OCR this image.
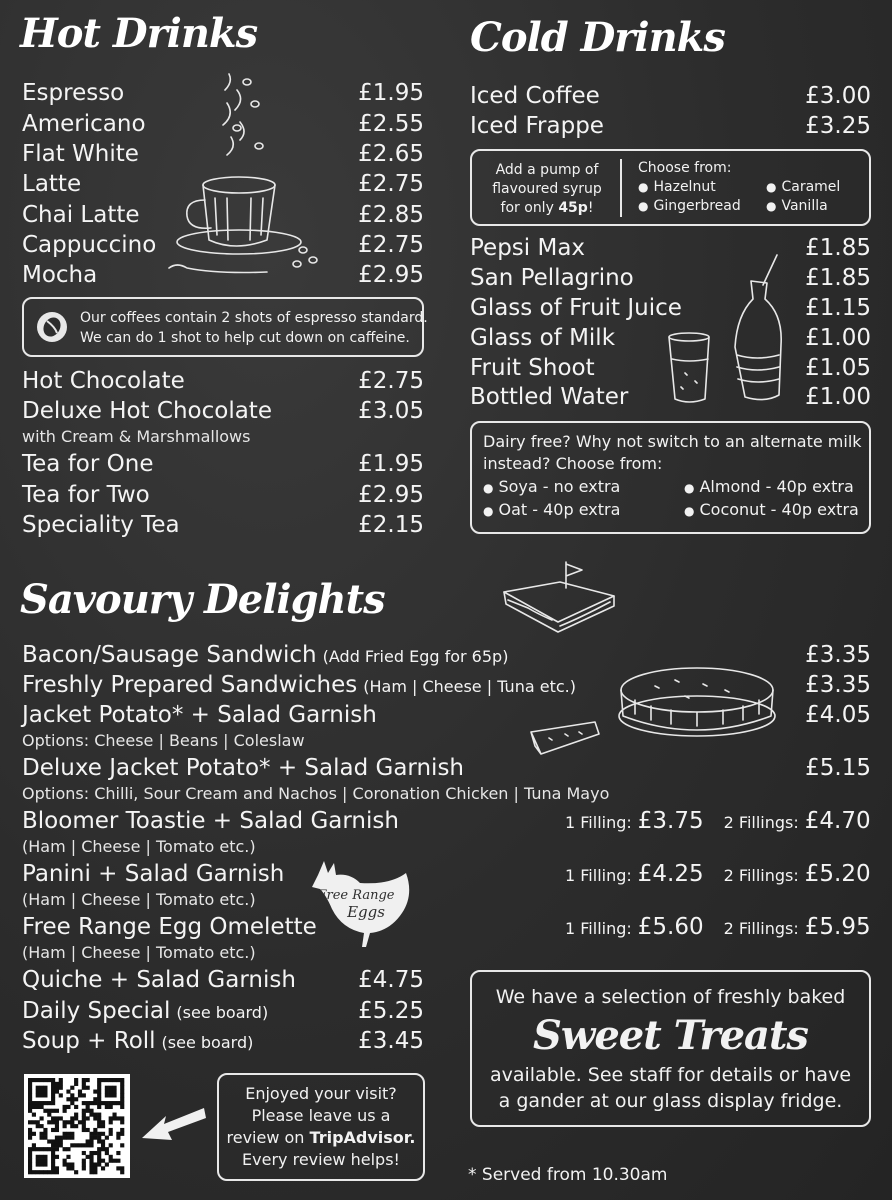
Hot Drinks
Espresso	£1.95
Americano	£2.55
Flat White	£2.65
Latte	£2.75
Chai Latte	£2.85
Cappuccino	£2.75
Mocha	£2.95
Our coffees contain 2 shots of espresso standard.
We can do 1 shot to help cut down on caffeine.
Hot Chocolate	£2.75
Deluxe Hot Chocolate	£3.05
with Cream & Marshmallows
Tea for One	£1.95
Tea for Two	£2.95
Speciality Tea	£2.15
Cold Drinks
Iced Coffee	£3.00
Iced Frappe	£3.25
Add a pump of
flavoured syrup
for only 45p!
Choose from:
● Hazelnut	● Caramel
● Gingerbread	● Vanilla
Pepsi Max	£1.85
San Pellagrino	£1.85
Glass of Fruit Juice	£1.15
Glass of Milk	£1.00
Fruit Shoot	£1.05
Bottled Water	£1.00
Dairy free? Why not switch to an alternate milk
instead? Choose from:
● Soya - no extra	● Almond - 40p extra
● Oat - 40p extra	● Coconut - 40p extra
Savoury Delights
Bacon/Sausage Sandwich (Add Fried Egg for 65p)	£3.35
Freshly Prepared Sandwiches (Ham | Cheese | Tuna etc.)	£3.35
Jacket Potato* + Salad Garnish	£4.05
Options: Cheese | Beans | Coleslaw
Deluxe Jacket Potato* + Salad Garnish	£5.15
Options: Chilli, Sour Cream and Nachos | Coronation Chicken | Tuna Mayo
Bloomer Toastie + Salad Garnish
(Ham | Cheese | Tomato etc.)
1 Filling: £3.75 2 Fillings: £4.70
Panini + Salad Garnish
(Ham | Cheese | Tomato etc.)
1 Filling: £4.25 2 Fillings: £5.20
Free Range Egg Omelette
(Ham | Cheese | Tomato etc.)
1 Filling: £5.60 2 Fillings: £5.95
Quiche + Salad Garnish	£4.75
Daily Special (see board)	£5.25
Soup + Roll (see board)	£3.45
Free Range
Eggs
We have a selection of freshly baked
Sweet Treats
available. See staff for details or have
a gander at our glass display fridge.
* Served from 10.30am
Enjoyed your visit?
Please leave us a
review on TripAdvisor.
Every review helps!
